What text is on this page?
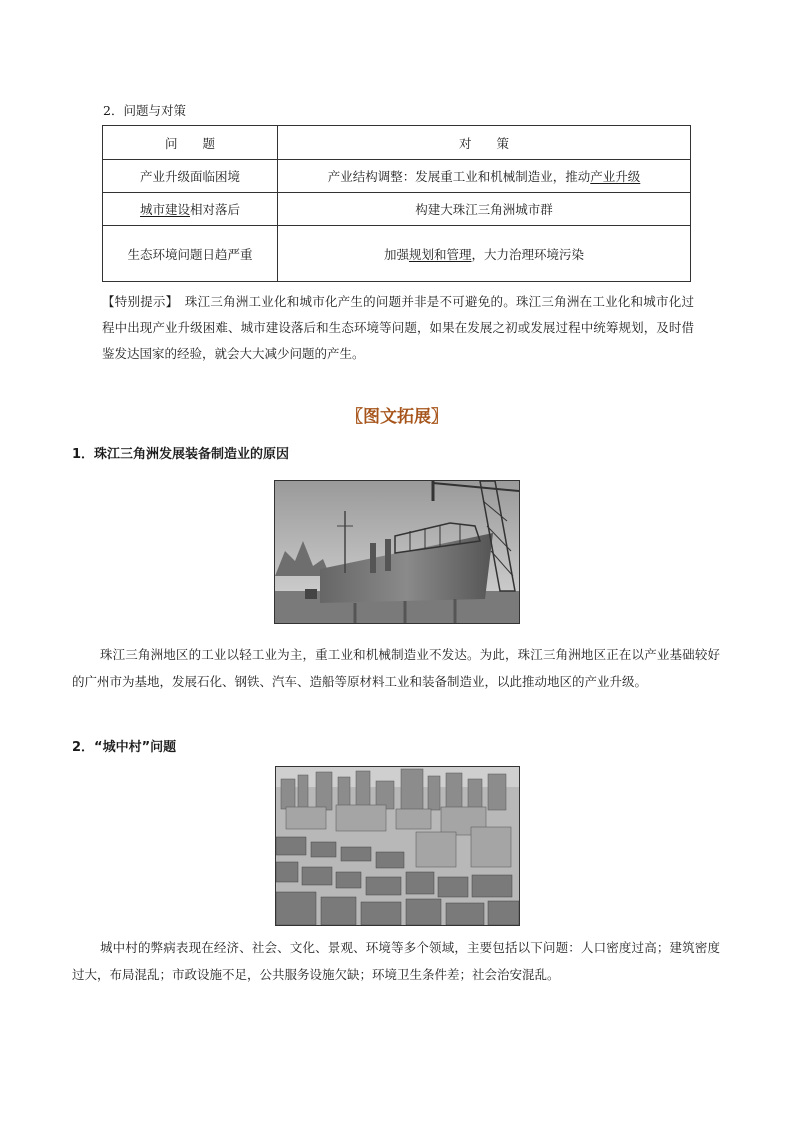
2．问题与对策
问　　题	对　　策
产业升级面临困境	产业结构调整：发展重工业和机械制造业，推动产业升级
城市建设相对落后	构建大珠江三角洲城市群
生态环境问题日趋严重	加强规划和管理，大力治理环境污染
【特别提示】　 珠江三角洲工业化和城市化产生的问题并非是不可避免的。珠江三角洲在工业化和城市化过程中出现产业升级困难、城市建设落后和生态环境等问题，如果在发展之初或发展过程中统筹规划，及时借鉴发达国家的经验，就会大大减少问题的产生。
〖图文拓展〗
1．珠江三角洲发展装备制造业的原因
珠江三角洲地区的工业以轻工业为主，重工业和机械制造业不发达。为此，珠江三角洲地区正在以产业基础较好的广州市为基地，发展石化、钢铁、汽车、造船等原材料工业和装备制造业，以此推动地区的产业升级。
2．“城中村”问题
城中村的弊病表现在经济、社会、文化、景观、环境等多个领域，主要包括以下问题：人口密度过高；建筑密度过大，布局混乱；市政设施不足，公共服务设施欠缺；环境卫生条件差；社会治安混乱。
